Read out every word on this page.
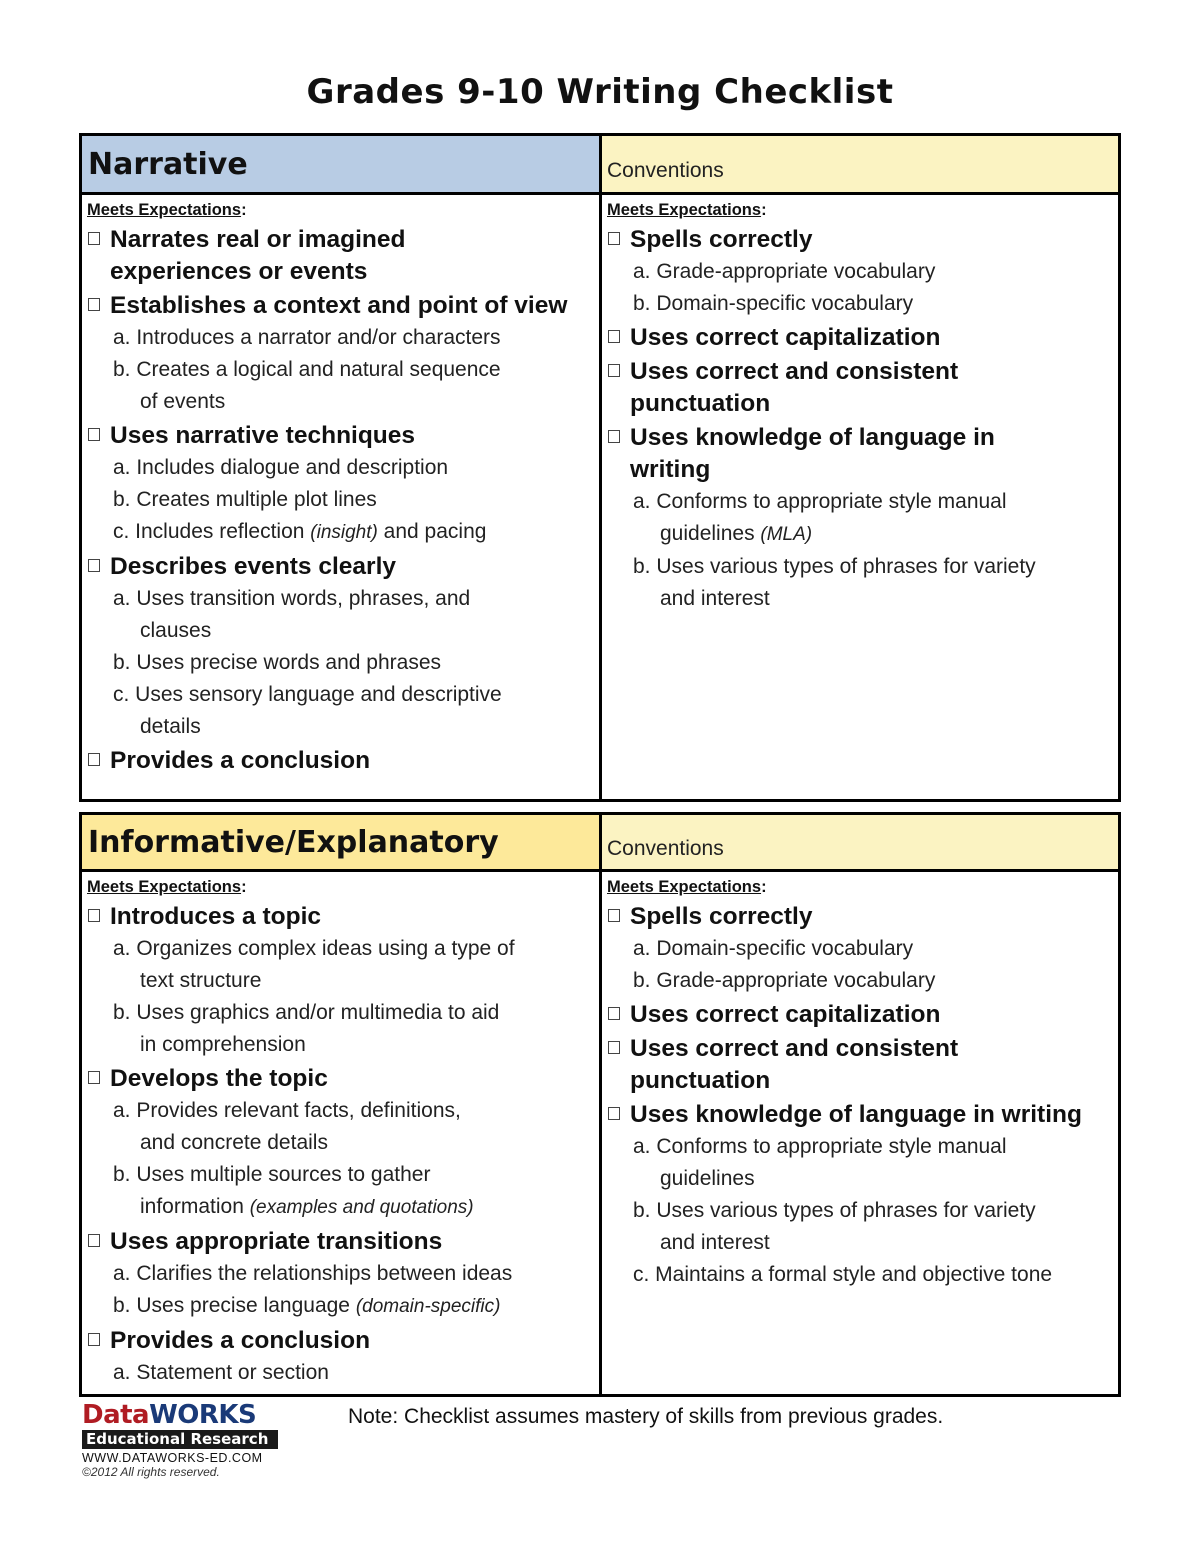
Grades 9-10 Writing Checklist
Narrative	Conventions
Meets Expectations:
Narrates real or imagined
experiences or events
Establishes a context and point of view
a. Introduces a narrator and/or characters
b. Creates a logical and natural sequence
of events
Uses narrative techniques
a. Includes dialogue and description
b. Creates multiple plot lines
c. Includes reflection (insight) and pacing
Describes events clearly
a. Uses transition words, phrases, and
clauses
b. Uses precise words and phrases
c. Uses sensory language and descriptive
details
Provides a conclusion
Meets Expectations:
Spells correctly
a. Grade-appropriate vocabulary
b. Domain-specific vocabulary
Uses correct capitalization
Uses correct and consistent
punctuation
Uses knowledge of language in
writing
a. Conforms to appropriate style manual
guidelines (MLA)
b. Uses various types of phrases for variety
and interest
Informative/Explanatory	Conventions
Meets Expectations:
Introduces a topic
a. Organizes complex ideas using a type of
text structure
b. Uses graphics and/or multimedia to aid
in comprehension
Develops the topic
a. Provides relevant facts, definitions,
and concrete details
b. Uses multiple sources to gather
information (examples and quotations)
Uses appropriate transitions
a. Clarifies the relationships between ideas
b. Uses precise language (domain-specific)
Provides a conclusion
a. Statement or section
Meets Expectations:
Spells correctly
a. Domain-specific vocabulary
b. Grade-appropriate vocabulary
Uses correct capitalization
Uses correct and consistent
punctuation
Uses knowledge of language in writing
a. Conforms to appropriate style manual
guidelines
b. Uses various types of phrases for variety
and interest
c. Maintains a formal style and objective tone
DataWORKS
Educational Research
WWW.DATAWORKS-ED.COM
©2012 All rights reserved.
Note: Checklist assumes mastery of skills from previous grades.
